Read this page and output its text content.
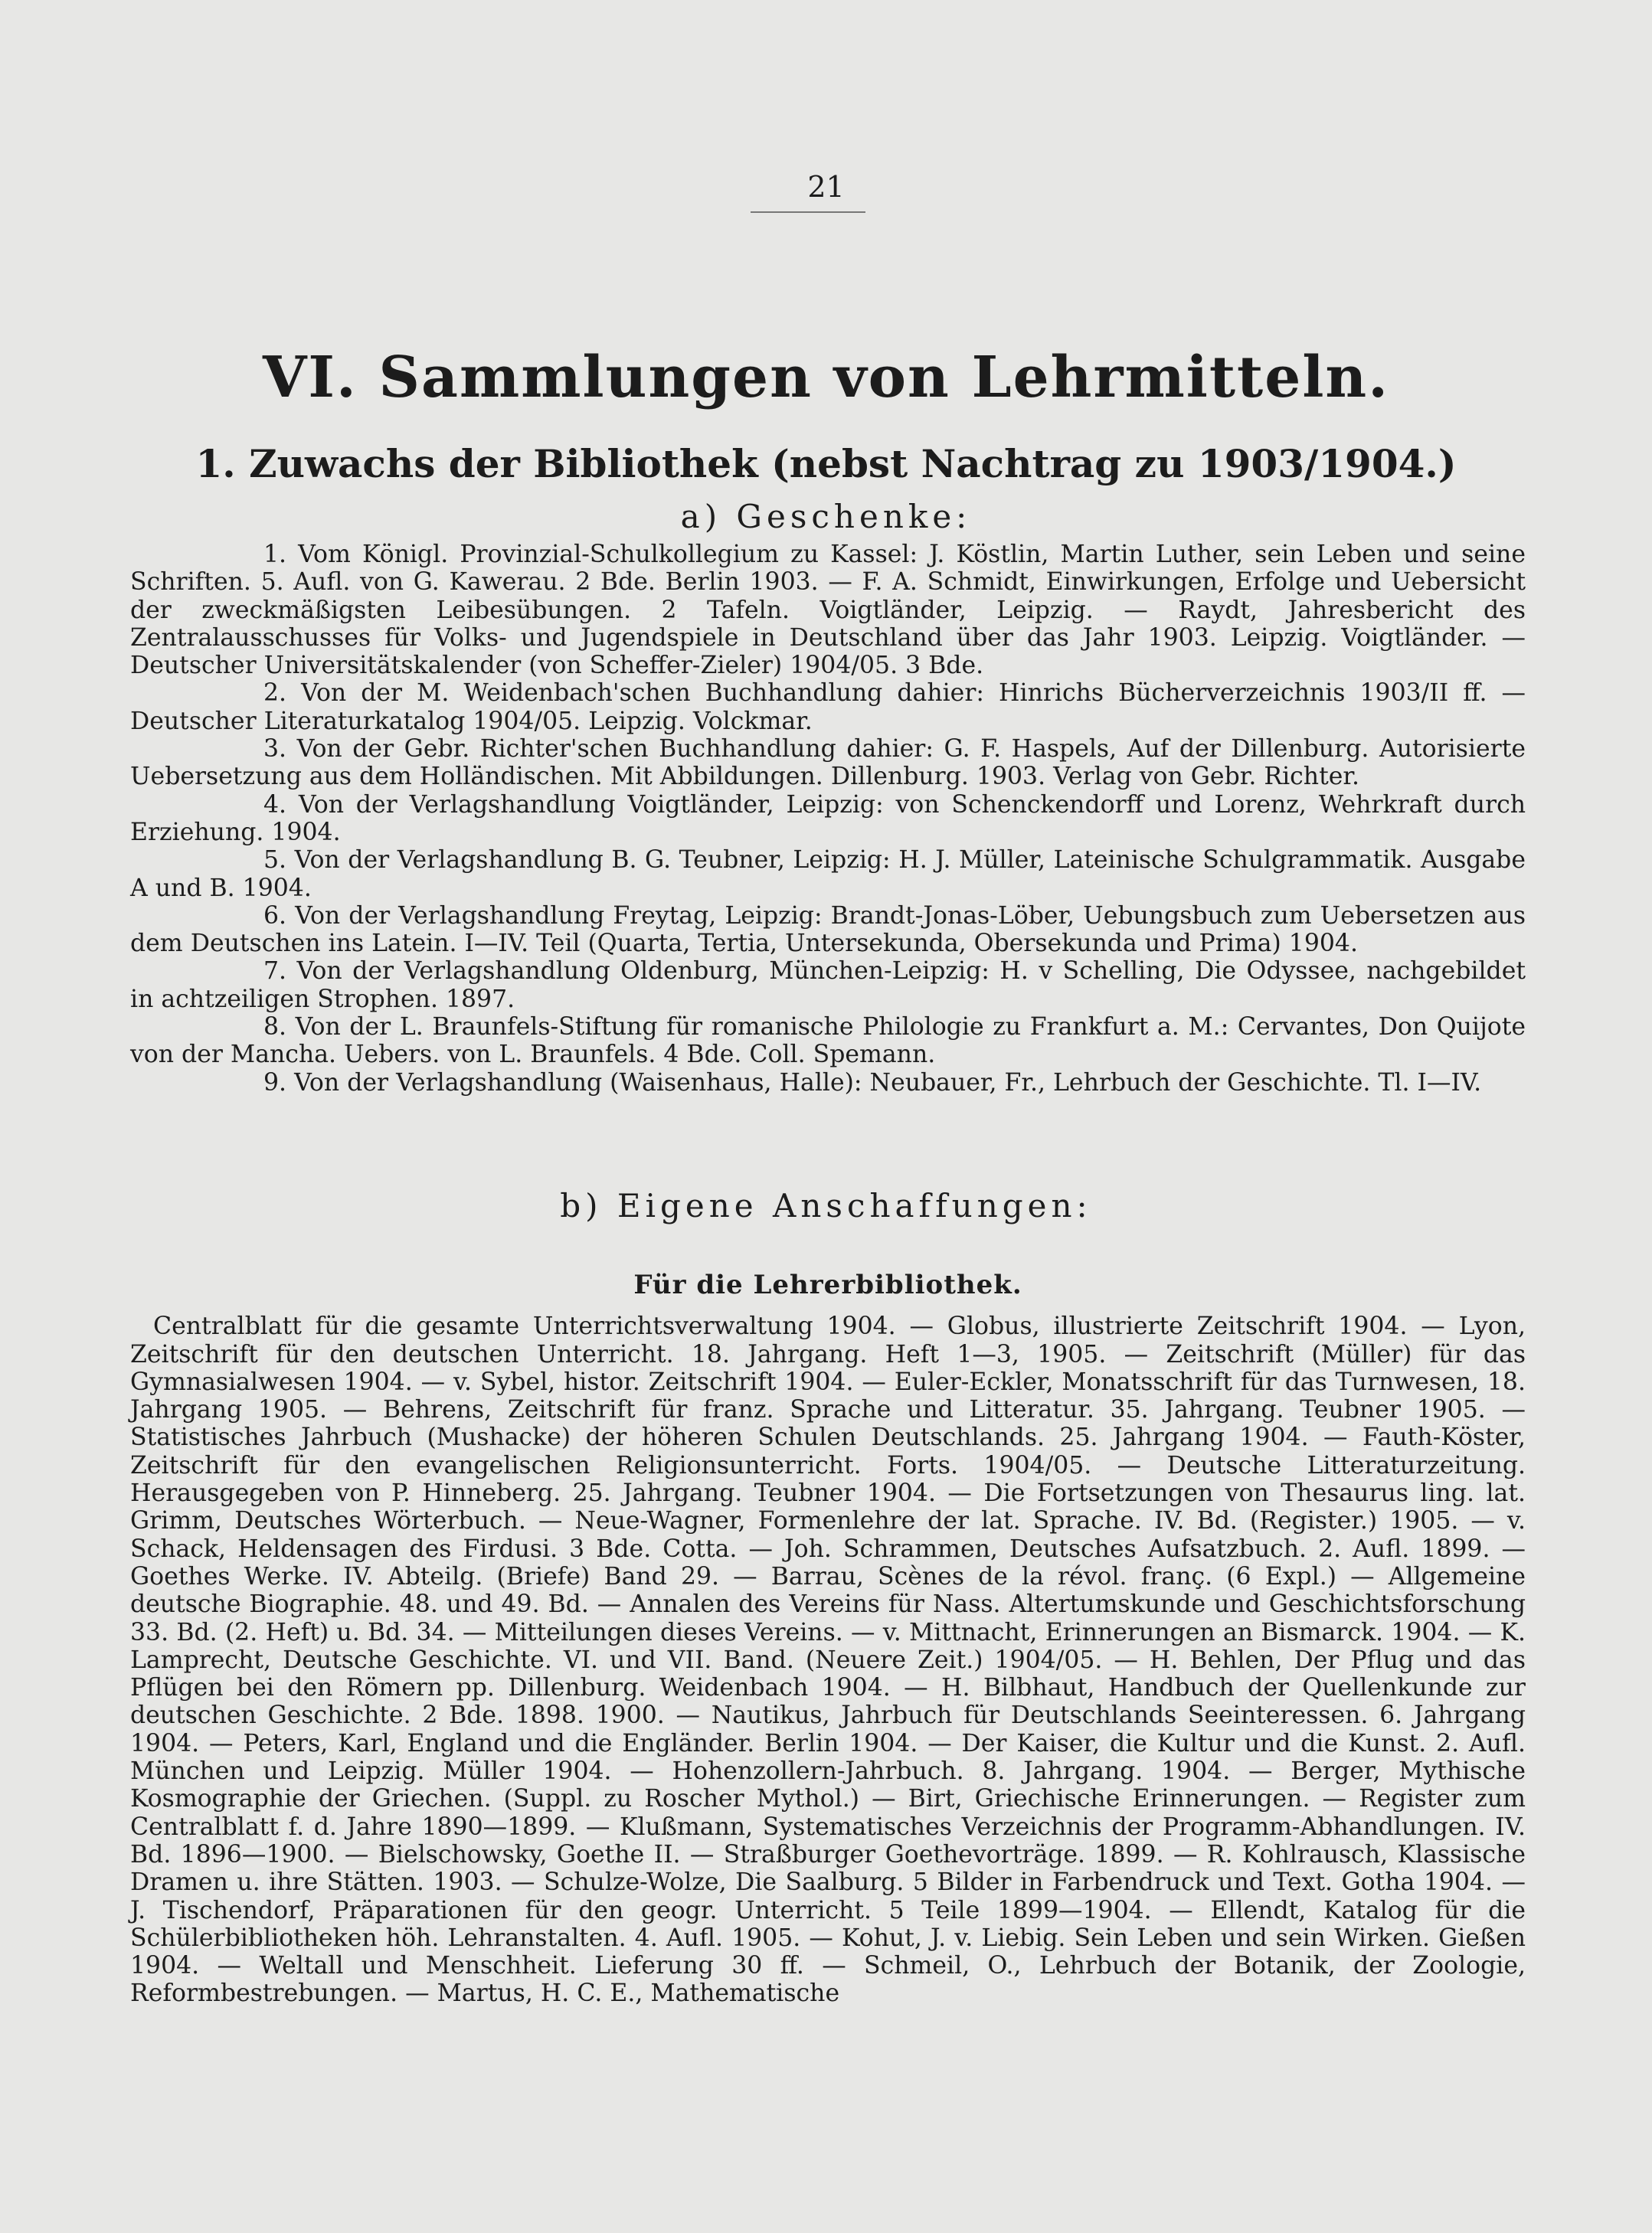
21
VI. Sammlungen von Lehrmitteln.
1. Zuwachs der Bibliothek (nebst Nachtrag zu 1903/1904.)
a) Geschenke:

1. Vom Königl. Provinzial-Schulkollegium zu Kassel: J. Köstlin, Martin Luther, sein Leben und seine Schriften. 5. Aufl. von G. Kawerau. 2 Bde. Berlin 1903. — F. A. Schmidt, Einwirkungen, Erfolge und Uebersicht der zweckmäßigsten Leibesübungen. 2 Tafeln. Voigtländer, Leipzig. — Raydt, Jahresbericht des Zentralausschusses für Volks- und Jugendspiele in Deutschland über das Jahr 1903. Leipzig. Voigtländer. — Deutscher Universitätskalender (von Scheffer-Zieler) 1904/05. 3 Bde.

2. Von der M. Weidenbach'schen Buchhandlung dahier: Hinrichs Bücherverzeichnis 1903/II ff. — Deutscher Literaturkatalog 1904/05. Leipzig. Volckmar.

3. Von der Gebr. Richter'schen Buchhandlung dahier: G. F. Haspels, Auf der Dillenburg. Autorisierte Uebersetzung aus dem Holländischen. Mit Abbildungen. Dillenburg. 1903. Verlag von Gebr. Richter.

4. Von der Verlagshandlung Voigtländer, Leipzig: von Schenckendorff und Lorenz, Wehrkraft durch Erziehung. 1904.

5. Von der Verlagshandlung B. G. Teubner, Leipzig: H. J. Müller, Lateinische Schulgrammatik. Ausgabe A und B. 1904.

6. Von der Verlagshandlung Freytag, Leipzig: Brandt-Jonas-Löber, Uebungsbuch zum Uebersetzen aus dem Deutschen ins Latein. I—IV. Teil (Quarta, Tertia, Untersekunda, Obersekunda und Prima) 1904.

7. Von der Verlagshandlung Oldenburg, München-Leipzig: H. v Schelling, Die Odyssee, nachgebildet in achtzeiligen Strophen. 1897.

8. Von der L. Braunfels-Stiftung für romanische Philologie zu Frankfurt a. M.: Cervantes, Don Quijote von der Mancha. Uebers. von L. Braunfels. 4 Bde. Coll. Spemann.

9. Von der Verlagshandlung (Waisenhaus, Halle): Neubauer, Fr., Lehrbuch der Geschichte. Tl. I—IV.

b) Eigene Anschaffungen:
Für die Lehrerbibliothek.

Centralblatt für die gesamte Unterrichtsverwaltung 1904. — Globus, illustrierte Zeitschrift 1904. — Lyon, Zeitschrift für den deutschen Unterricht. 18. Jahrgang. Heft 1—3, 1905. — Zeitschrift (Müller) für das Gymnasialwesen 1904. — v. Sybel, histor. Zeitschrift 1904. — Euler-Eckler, Monatsschrift für das Turnwesen, 18. Jahrgang 1905. — Behrens, Zeitschrift für franz. Sprache und Litteratur. 35. Jahrgang. Teubner 1905. — Statistisches Jahrbuch (Mushacke) der höheren Schulen Deutschlands. 25. Jahrgang 1904. — Fauth-Köster, Zeitschrift für den evangelischen Religionsunterricht. Forts. 1904/05. — Deutsche Litteraturzeitung. Herausgegeben von P. Hinneberg. 25. Jahrgang. Teubner 1904. — Die Fortsetzungen von Thesaurus ling. lat. Grimm, Deutsches Wörterbuch. — Neue-Wagner, Formenlehre der lat. Sprache. IV. Bd. (Register.) 1905. — v. Schack, Heldensagen des Firdusi. 3 Bde. Cotta. — Joh. Schrammen, Deutsches Aufsatzbuch. 2. Aufl. 1899. — Goethes Werke. IV. Abteilg. (Briefe) Band 29. — Barrau, Scènes de la révol. franç. (6 Expl.) — Allgemeine deutsche Biographie. 48. und 49. Bd. — Annalen des Vereins für Nass. Altertumskunde und Geschichtsforschung 33. Bd. (2. Heft) u. Bd. 34. — Mitteilungen dieses Vereins. — v. Mittnacht, Erinnerungen an Bismarck. 1904. — K. Lamprecht, Deutsche Geschichte. VI. und VII. Band. (Neuere Zeit.) 1904/05. — H. Behlen, Der Pflug und das Pflügen bei den Römern pp. Dillenburg. Weidenbach 1904. — H. Bilbhaut, Handbuch der Quellenkunde zur deutschen Geschichte. 2 Bde. 1898. 1900. — Nautikus, Jahrbuch für Deutschlands Seeinteressen. 6. Jahrgang 1904. — Peters, Karl, England und die Engländer. Berlin 1904. — Der Kaiser, die Kultur und die Kunst. 2. Aufl. München und Leipzig. Müller 1904. — Hohenzollern-Jahrbuch. 8. Jahrgang. 1904. — Berger, Mythische Kosmographie der Griechen. (Suppl. zu Roscher Mythol.) — Birt, Griechische Erinnerungen. — Register zum Centralblatt f. d. Jahre 1890—1899. — Klußmann, Systematisches Verzeichnis der Programm-Abhandlungen. IV. Bd. 1896—1900. — Bielschowsky, Goethe II. — Straßburger Goethevorträge. 1899. — R. Kohlrausch, Klassische Dramen u. ihre Stätten. 1903. — Schulze-Wolze, Die Saalburg. 5 Bilder in Farbendruck und Text. Gotha 1904. — J. Tischendorf, Präparationen für den geogr. Unterricht. 5 Teile 1899—1904. — Ellendt, Katalog für die Schülerbibliotheken höh. Lehranstalten. 4. Aufl. 1905. — Kohut, J. v. Liebig. Sein Leben und sein Wirken. Gießen 1904. — Weltall und Menschheit. Lieferung 30 ff. — Schmeil, O., Lehrbuch der Botanik, der Zoologie, Reformbestrebungen. — Martus, H. C. E., Mathematische
